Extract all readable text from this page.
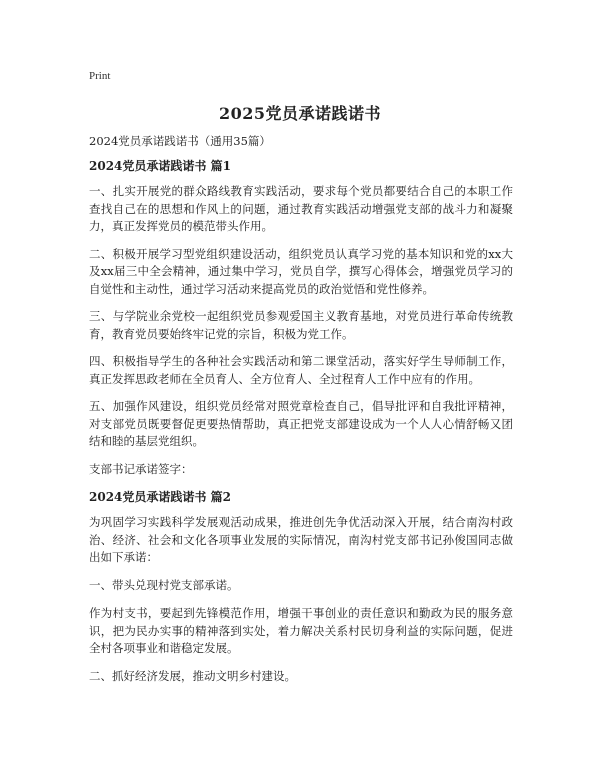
Print
2025党员承诺践诺书

2024党员承诺践诺书（通用35篇）

2024党员承诺践诺书 篇1

一、扎实开展党的群众路线教育实践活动，要求每个党员都要结合自己的本职工作查找自己在的思想和作风上的问题，通过教育实践活动增强党支部的战斗力和凝聚力，真正发挥党员的模范带头作用。

二、积极开展学习型党组织建设活动，组织党员认真学习党的基本知识和党的xx大及xx届三中全会精神，通过集中学习，党员自学，撰写心得体会，增强党员学习的自觉性和主动性，通过学习活动来提高党员的政治觉悟和党性修养。

三、与学院业余党校一起组织党员参观爱国主义教育基地，对党员进行革命传统教育，教育党员要始终牢记党的宗旨，积极为党工作。

四、积极指导学生的各种社会实践活动和第二课堂活动，落实好学生导师制工作，真正发挥思政老师在全员育人、全方位育人、全过程育人工作中应有的作用。

五、加强作风建设，组织党员经常对照党章检查自己，倡导批评和自我批评精神，对支部党员既要督促更要热情帮助，真正把党支部建设成为一个人人心情舒畅又团结和睦的基层党组织。

支部书记承诺签字：

2024党员承诺践诺书 篇2

为巩固学习实践科学发展观活动成果，推进创先争优活动深入开展，结合南沟村政治、经济、社会和文化各项事业发展的实际情况，南沟村党支部书记孙俊国同志做出如下承诺：

一、带头兑现村党支部承诺。

作为村支书，要起到先锋模范作用，增强干事创业的责任意识和勤政为民的服务意识，把为民办实事的精神落到实处，着力解决关系村民切身利益的实际问题，促进全村各项事业和谐稳定发展。

二、抓好经济发展，推动文明乡村建设。
